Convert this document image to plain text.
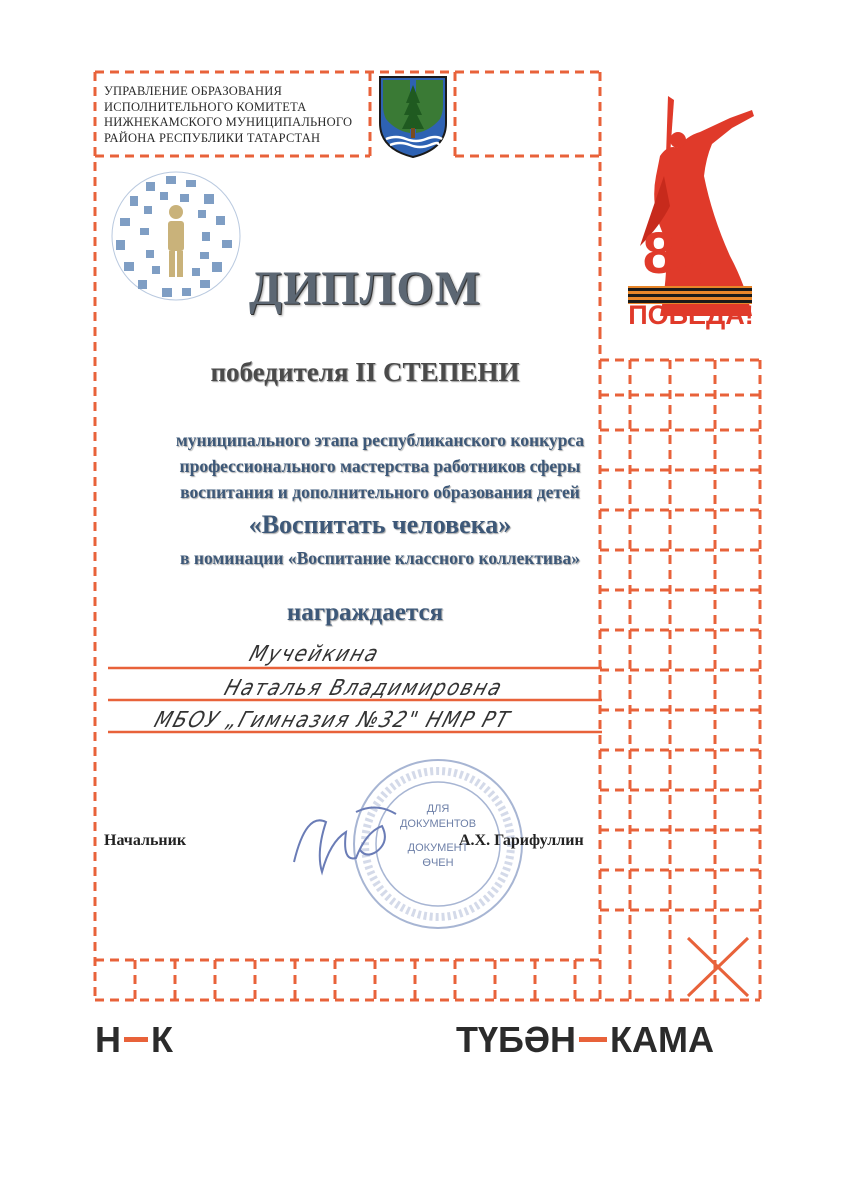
УПРАВЛЕНИЕ ОБРАЗОВАНИЯ
ИСПОЛНИТЕЛЬНОГО КОМИТЕТА
НИЖНЕКАМСКОГО МУНИЦИПАЛЬНОГО
РАЙОНА РЕСПУБЛИКИ ТАТАРСТАН
80
ПОБЕДА!
ДИПЛОМ
победителя II СТЕПЕНИ
муниципального этапа республиканского конкурса
профессионального мастерства работников сферы
воспитания и дополнительного образования детей
«Воспитать человека»
в номинации «Воспитание классного коллектива»
награждается
Мучейкина
Наталья Владимировна
МБОУ „Гимназия №32" НМР РТ
ДЛЯ
ДОКУМЕНТОВ
ДОКУМЕНТ
ӨЧЕН
Начальник	А.Х. Гарифуллин
Н К	ТҮБӘН КАМА
